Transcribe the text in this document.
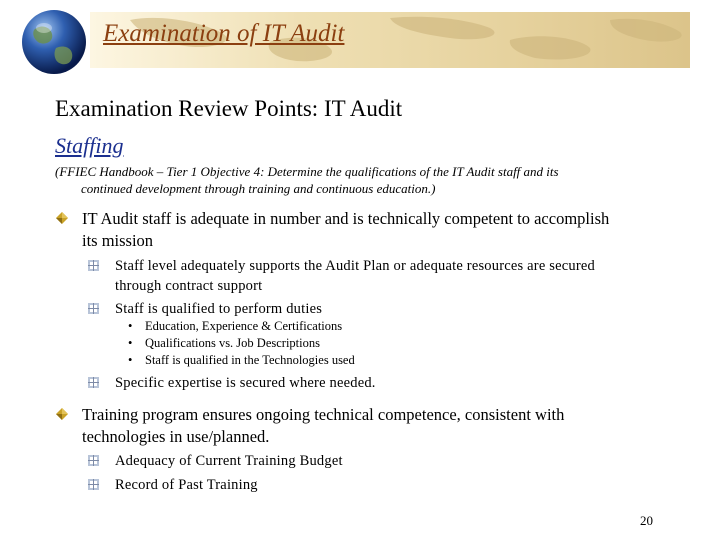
Examination of IT Audit
Examination Review Points: IT Audit
Staffing
(FFIEC Handbook – Tier 1 Objective 4: Determine the qualifications of the IT Audit staff and its
continued development through training and continuous education.)
IT Audit staff is adequate in number and is technically competent to accomplish its mission
Staff level adequately supports the Audit Plan or adequate resources are secured through contract support
Staff is qualified to perform duties
• Education, Experience & Certifications
• Qualifications vs. Job Descriptions
• Staff is qualified in the Technologies used
Specific expertise is secured where needed.
Training program ensures ongoing technical competence, consistent with technologies in use/planned.
Adequacy of Current Training Budget
Record of Past Training
20
